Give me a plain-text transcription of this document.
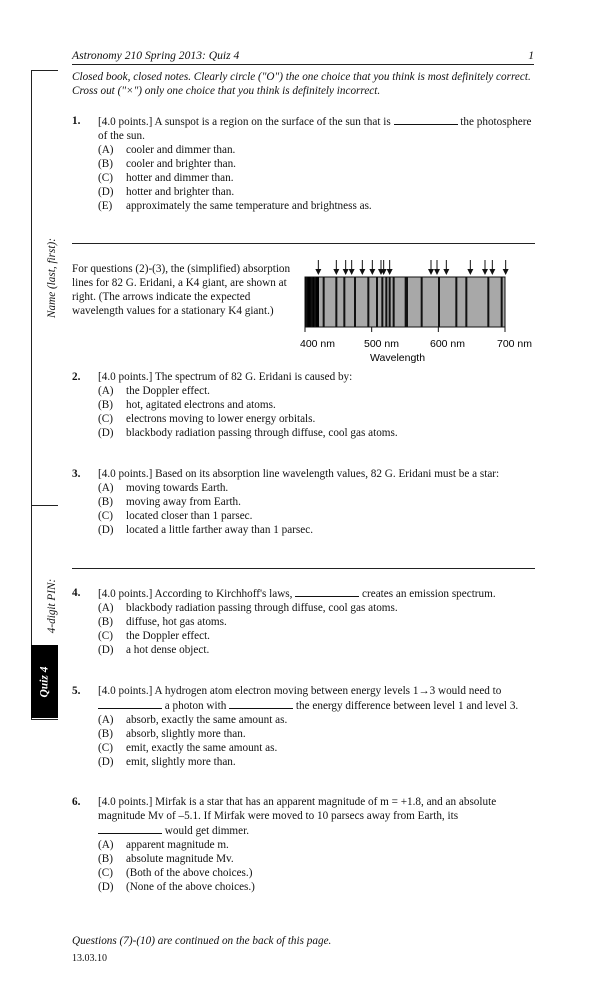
Astronomy 210 Spring 2013: Quiz 4	1
Closed book, closed notes. Clearly circle ("O") the one choice that you think is most definitely correct. Cross out ("×") only one choice that you think is definitely incorrect.
Name (last, first):
4-digit PIN:
Quiz 4
1. [4.0 points.] A sunspot is a region on the surface of the sun that is	the photosphere of the sun.
(A) cooler and dimmer than.
(B) cooler and brighter than.
(C) hotter and dimmer than.
(D) hotter and brighter than.
(E) approximately the same temperature and brightness as.
For questions (2)-(3), the (simplified) absorption lines for 82 G. Eridani, a K4 giant, are shown at right. (The arrows indicate the expected wavelength values for a stationary K4 giant.)
400 nm	500 nm	600 nm	700 nm
Wavelength
2. [4.0 points.] The spectrum of 82 G. Eridani is caused by:
(A) the Doppler effect.
(B) hot, agitated electrons and atoms.
(C) electrons moving to lower energy orbitals.
(D) blackbody radiation passing through diffuse, cool gas atoms.
3. [4.0 points.] Based on its absorption line wavelength values, 82 G. Eridani must be a star:
(A) moving towards Earth.
(B) moving away from Earth.
(C) located closer than 1 parsec.
(D) located a little farther away than 1 parsec.
4. [4.0 points.] According to Kirchhoff's laws,	creates an emission spectrum.
(A) blackbody radiation passing through diffuse, cool gas atoms.
(B) diffuse, hot gas atoms.
(C) the Doppler effect.
(D) a hot dense object.
5. [4.0 points.] A hydrogen atom electron moving between energy levels 1→3 would need to
a photon with	the energy difference between level 1 and level 3.
(A) absorb, exactly the same amount as.
(B) absorb, slightly more than.
(C) emit, exactly the same amount as.
(D) emit, slightly more than.
6. [4.0 points.] Mirfak is a star that has an apparent magnitude of m = +1.8, and an absolute magnitude Mv of –5.1. If Mirfak were moved to 10 parsecs away from Earth, its
would get dimmer.
(A) apparent magnitude m.
(B) absolute magnitude Mv.
(C) (Both of the above choices.)
(D) (None of the above choices.)
Questions (7)-(10) are continued on the back of this page.
13.03.10
